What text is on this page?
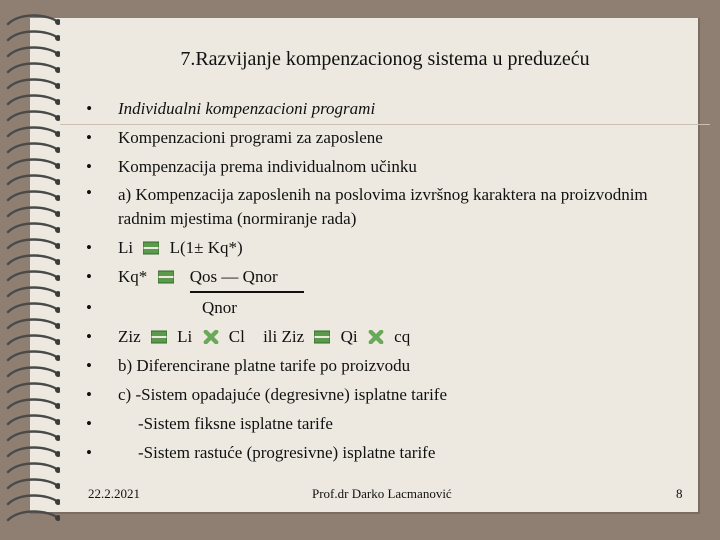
7.Razvijanje kompenzacionog sistema u preduzeću
• Individualni kompenzacioni programi
• Kompenzacioni programi za zaposlene
• Kompenzacija prema individualnom učinku
• a) Kompenzacija zaposlenih na poslovima izvršnog karaktera na proizvodnim radnim mjestima (normiranje rada)
• Li L(1± Kq*)
• Kq*	Qos — Qnor
• Qnor
• Ziz Li Cl ili Ziz Qi cq
• b) Diferencirane platne tarife po proizvodu
• c) -Sistem opadajuće (degresivne) isplatne tarife
• -Sistem fiksne isplatne tarife
• -Sistem rastuće (progresivne) isplatne tarife
22.2.2021	Prof.dr Darko Lacmanović	8
